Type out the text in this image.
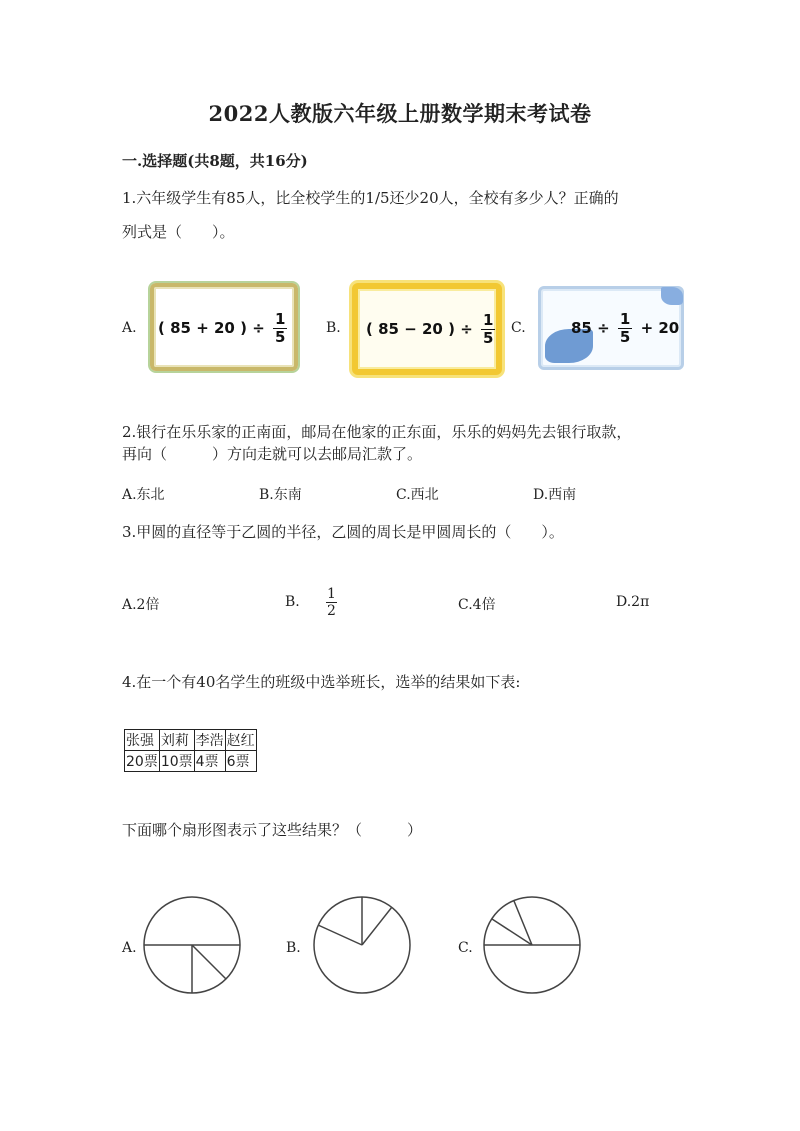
2022人教版六年级上册数学期末考试卷
一.选择题(共8题，共16分)
1.六年级学生有85人，比全校学生的1/5还少20人，全校有多少人？正确的
列式是（　　）。
A. ( 85 + 20 ) ÷ $\frac{1}{5}$	B. ( 85 − 20 ) ÷ $\frac{1}{5} C$.	$85 \div \frac{1}{5} + 20$
2.银行在乐乐家的正南面，邮局在他家的正东面，乐乐的妈妈先去银行取款，
再向（　　　）方向走就可以去邮局汇款了。
A.东北	B.东南	C.西北	D.西南
3.甲圆的直径等于乙圆的半径，乙圆的周长是甲圆周长的（　　）。
A.2倍	B. $\frac{1}{2}$	C.4倍	D.2π
4.在一个有40名学生的班级中选举班长，选举的结果如下表:
张强	刘莉	李浩	赵红
20票	10票	4票	6票
下面哪个扇形图表示了这些结果？（　　　）
A.	B.	C.
